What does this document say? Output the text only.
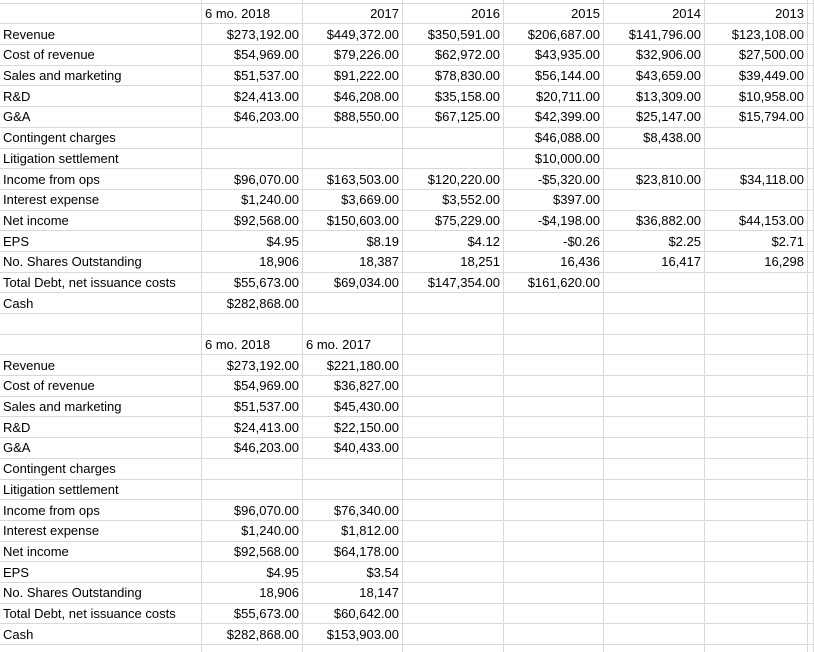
	6 mo. 2018	2017	2016	2015	2014	2013	
Revenue	$273,192.00	$449,372.00	$350,591.00	$206,687.00	$141,796.00	$123,108.00	
Cost of revenue	$54,969.00	$79,226.00	$62,972.00	$43,935.00	$32,906.00	$27,500.00	
Sales and marketing	$51,537.00	$91,222.00	$78,830.00	$56,144.00	$43,659.00	$39,449.00	
R&D	$24,413.00	$46,208.00	$35,158.00	$20,711.00	$13,309.00	$10,958.00	
G&A	$46,203.00	$88,550.00	$67,125.00	$42,399.00	$25,147.00	$15,794.00	
Contingent charges				$46,088.00	$8,438.00		
Litigation settlement				$10,000.00			
Income from ops	$96,070.00	$163,503.00	$120,220.00	-$5,320.00	$23,810.00	$34,118.00	
Interest expense	$1,240.00	$3,669.00	$3,552.00	$397.00			
Net income	$92,568.00	$150,603.00	$75,229.00	-$4,198.00	$36,882.00	$44,153.00	
EPS	$4.95	$8.19	$4.12	-$0.26	$2.25	$2.71	
No. Shares Outstanding	18,906	18,387	18,251	16,436	16,417	16,298	
Total Debt, net issuance costs	$55,673.00	$69,034.00	$147,354.00	$161,620.00			
Cash	$282,868.00						

	6 mo. 2018	6 mo. 2017					
Revenue	$273,192.00	$221,180.00					
Cost of revenue	$54,969.00	$36,827.00					
Sales and marketing	$51,537.00	$45,430.00					
R&D	$24,413.00	$22,150.00					
G&A	$46,203.00	$40,433.00					
Contingent charges							
Litigation settlement							
Income from ops	$96,070.00	$76,340.00					
Interest expense	$1,240.00	$1,812.00					
Net income	$92,568.00	$64,178.00					
EPS	$4.95	$3.54					
No. Shares Outstanding	18,906	18,147					
Total Debt, net issuance costs	$55,673.00	$60,642.00					
Cash	$282,868.00	$153,903.00					
